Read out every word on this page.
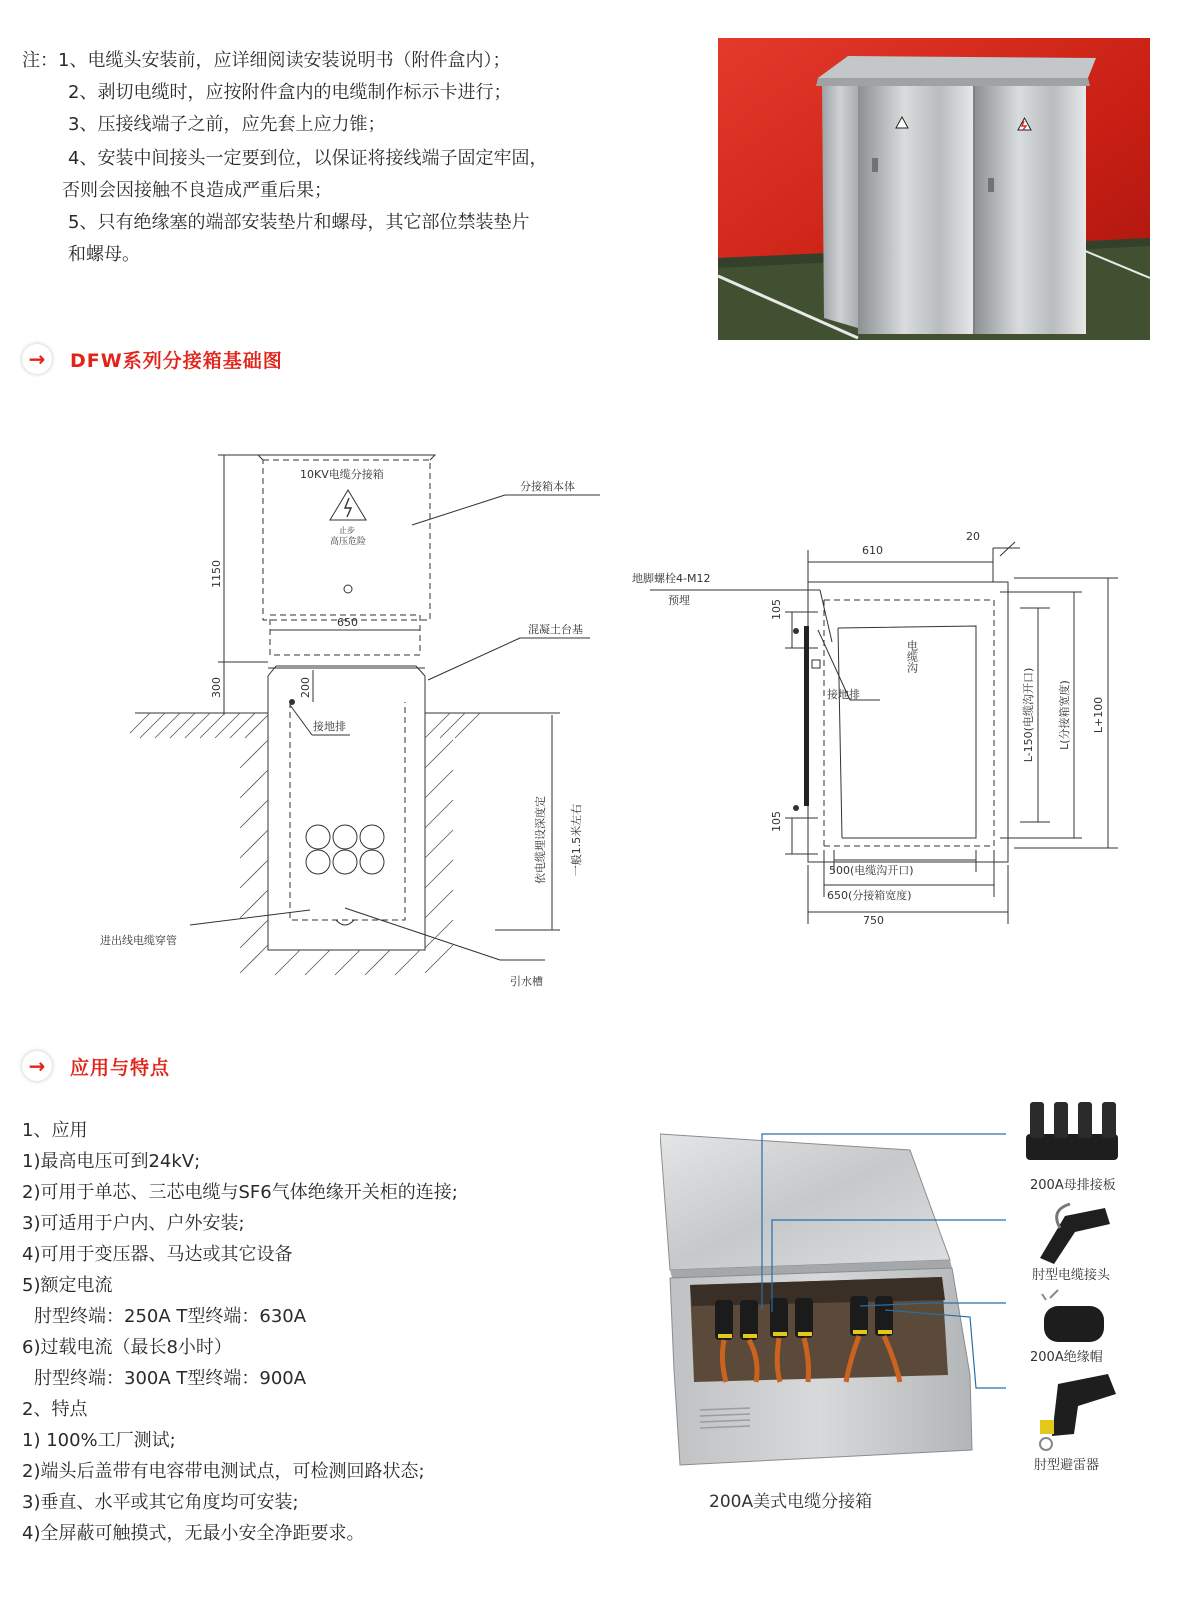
注：1、电缆头安装前，应详细阅读安装说明书（附件盒内）；
2、剥切电缆时，应按附件盒内的电缆制作标示卡进行；
3、压接线端子之前，应先套上应力锥；
4、安装中间接头一定要到位，以保证将接线端子固定牢固，
否则会因接触不良造成严重后果；
5、只有绝缘塞的端部安装垫片和螺母，其它部位禁装垫片
和螺母。
→	DFW系列分接箱基础图
10KV电缆分接箱
止步
高压危险
1150
300
650
200
分接箱本体
混凝土台基
接地排
依电缆埋设深度定 一般1.5米左右
进出线电缆穿管
引水槽
610
20
地脚螺栓4-M12
预埋	105
105
电缆沟
接地排
500(电缆沟开口)
650(分接箱宽度)
750
L-150(电缆沟开口) L(分接箱宽度) L+100
→	应用与特点
1、应用
1)最高电压可到24kV;
2)可用于单芯、三芯电缆与SF6气体绝缘开关柜的连接;
3)可适用于户内、户外安装;
4)可用于变压器、马达或其它设备
5)额定电流
肘型终端：250A T型终端：630A
6)过载电流（最长8小时）
肘型终端：300A T型终端：900A
2、特点
1) 100%工厂测试;
2)端头后盖带有电容带电测试点，可检测回路状态;
3)垂直、水平或其它角度均可安装;
4)全屏蔽可触摸式，无最小安全净距要求。
200A母排接板
肘型电缆接头
200A绝缘帽
肘型避雷器
200A美式电缆分接箱
